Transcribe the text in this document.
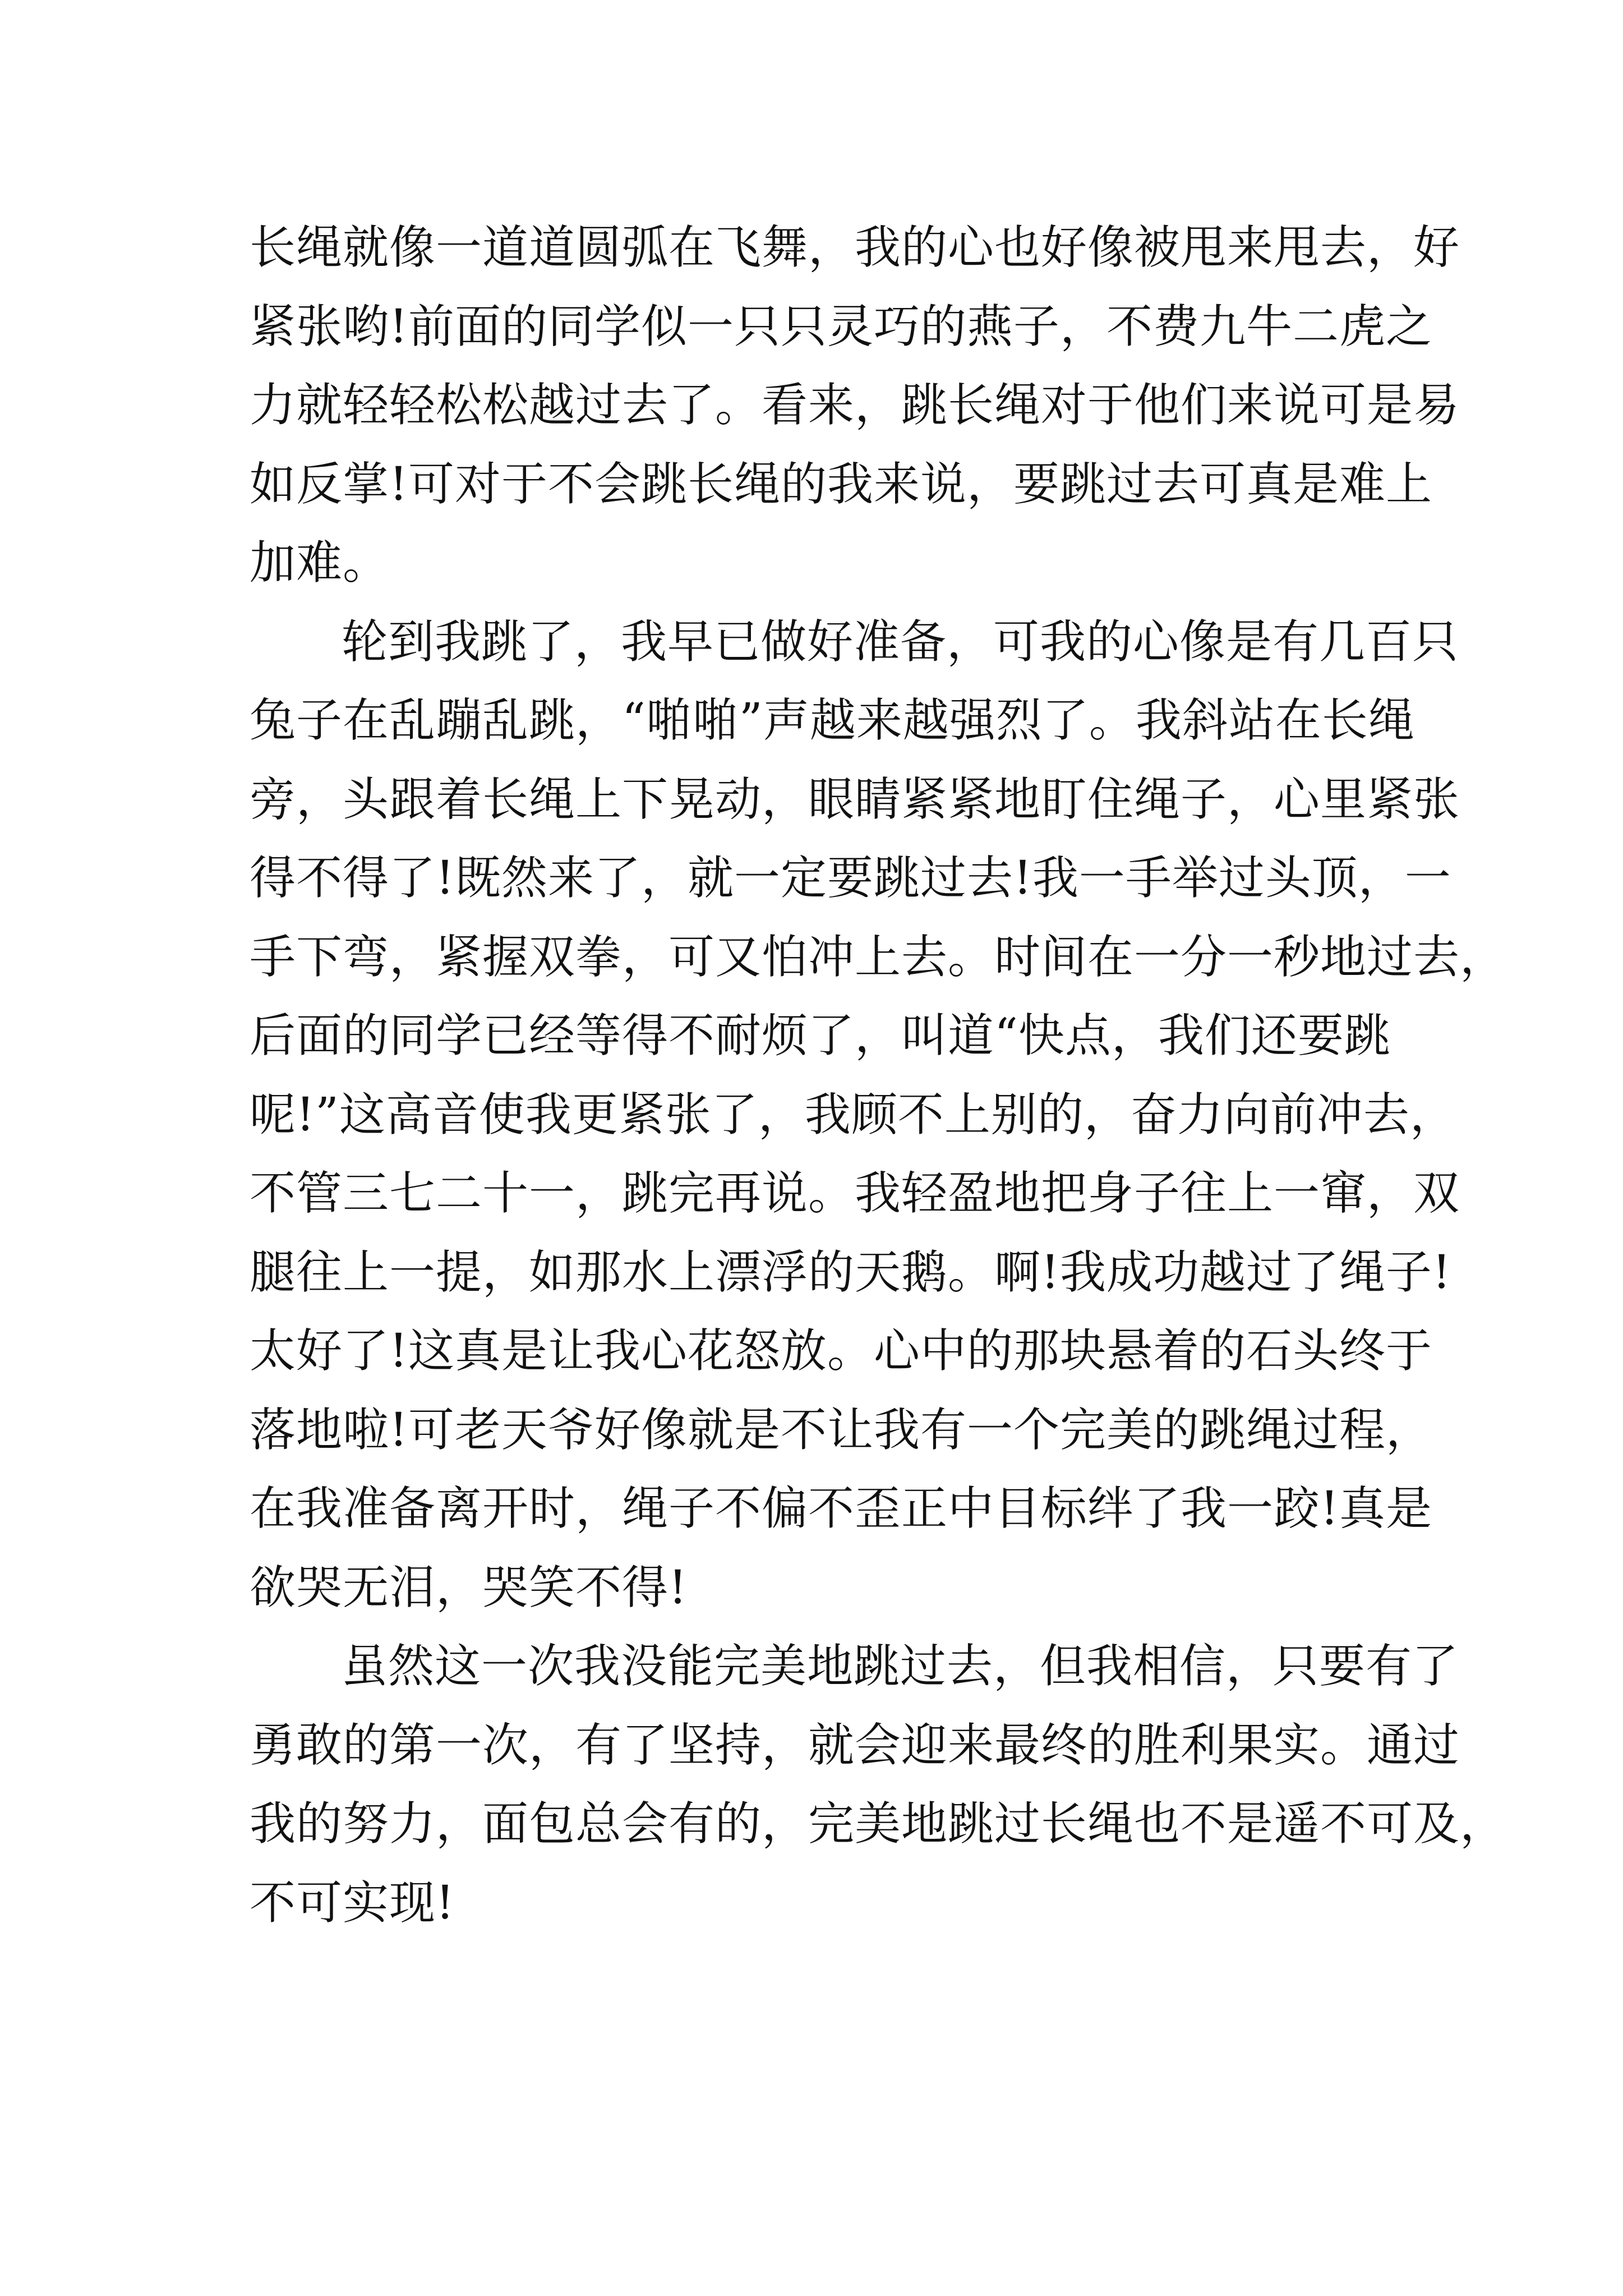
长绳就像一道道圆弧在飞舞，我的心也好像被甩来甩去，好
紧张哟!前面的同学似一只只灵巧的燕子，不费九牛二虎之
力就轻轻松松越过去了。看来，跳长绳对于他们来说可是易
如反掌!可对于不会跳长绳的我来说，要跳过去可真是难上
加难。
轮到我跳了，我早已做好准备，可我的心像是有几百只
兔子在乱蹦乱跳，“啪啪”声越来越强烈了。我斜站在长绳
旁，头跟着长绳上下晃动，眼睛紧紧地盯住绳子，心里紧张
得不得了!既然来了，就一定要跳过去!我一手举过头顶，一
手下弯，紧握双拳，可又怕冲上去。时间在一分一秒地过去，
后面的同学已经等得不耐烦了，叫道“快点，我们还要跳
呢!”这高音使我更紧张了，我顾不上别的，奋力向前冲去，
不管三七二十一，跳完再说。我轻盈地把身子往上一窜，双
腿往上一提，如那水上漂浮的天鹅。啊!我成功越过了绳子!
太好了!这真是让我心花怒放。心中的那块悬着的石头终于
落地啦!可老天爷好像就是不让我有一个完美的跳绳过程，
在我准备离开时，绳子不偏不歪正中目标绊了我一跤!真是
欲哭无泪，哭笑不得!
虽然这一次我没能完美地跳过去，但我相信，只要有了
勇敢的第一次，有了坚持，就会迎来最终的胜利果实。通过
我的努力，面包总会有的，完美地跳过长绳也不是遥不可及，
不可实现!
